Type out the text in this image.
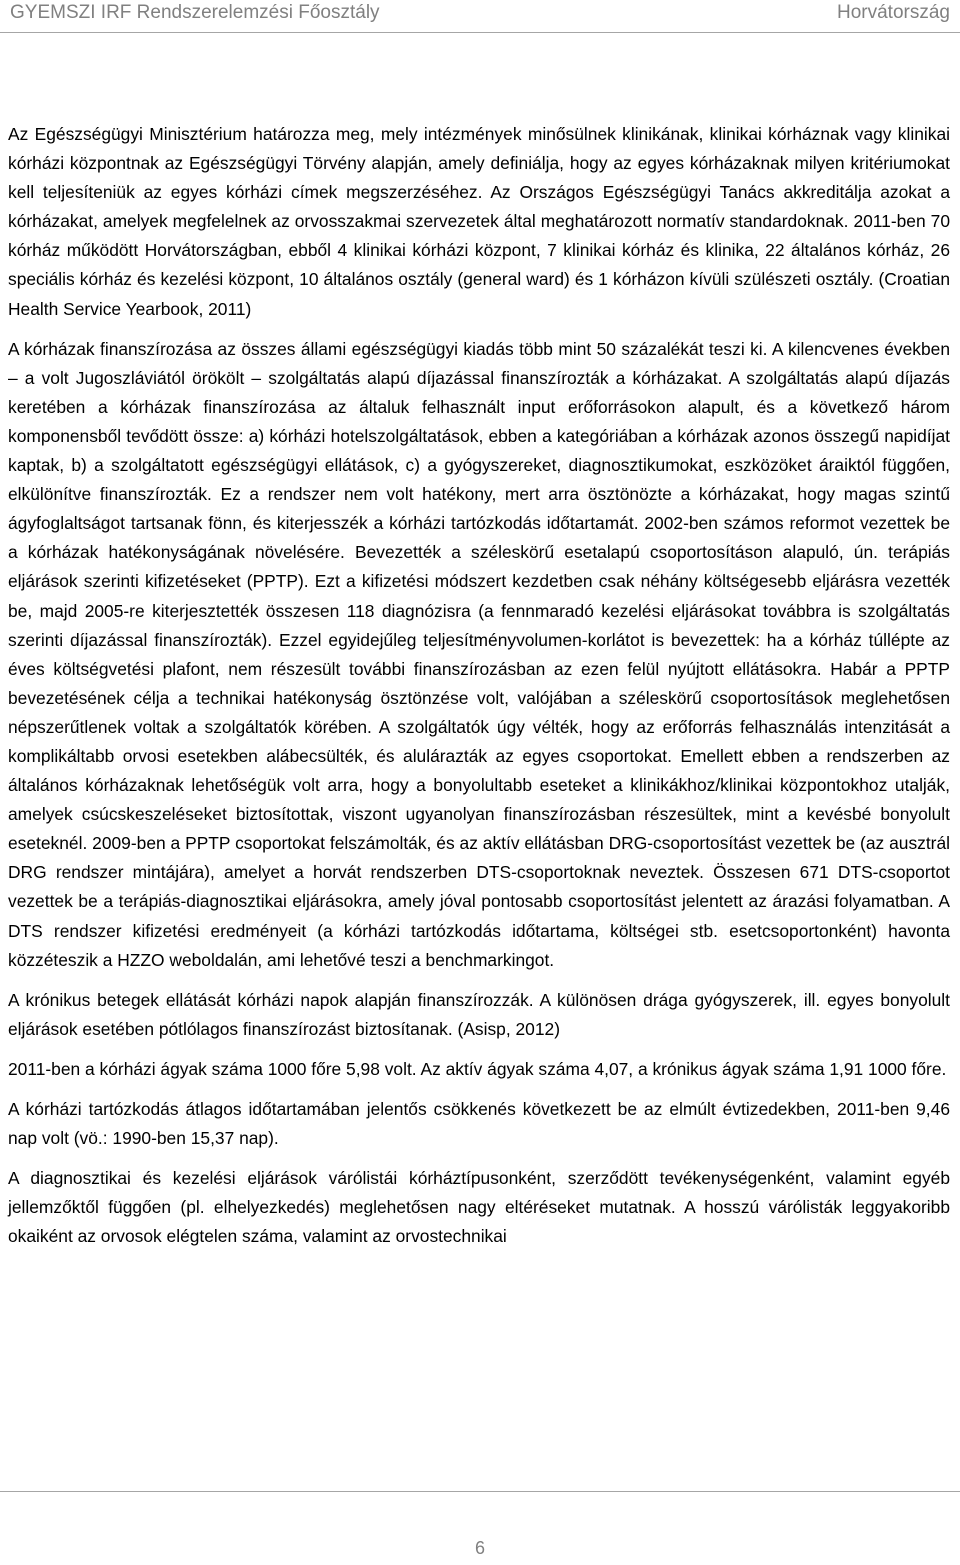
GYEMSZI IRF Rendszerelemzési Főosztály	Horvátország

Az Egészségügyi Minisztérium határozza meg, mely intézmények minősülnek klinikának, klinikai kórháznak vagy klinikai kórházi központnak az Egészségügyi Törvény alapján, amely definiálja, hogy az egyes kórházaknak milyen kritériumokat kell teljesíteniük az egyes kórházi címek megszerzéséhez. Az Országos Egészségügyi Tanács akkreditálja azokat a kórházakat, amelyek megfelelnek az orvosszakmai szervezetek által meghatározott normatív standardoknak. 2011-ben 70 kórház működött Horvátországban, ebből 4 klinikai kórházi központ, 7 klinikai kórház és klinika, 22 általános kórház, 26 speciális kórház és kezelési központ, 10 általános osztály (general ward) és 1 kórházon kívüli szülészeti osztály. (Croatian Health Service Yearbook, 2011)

A kórházak finanszírozása az összes állami egészségügyi kiadás több mint 50 százalékát teszi ki. A kilencvenes években – a volt Jugoszláviától örökölt – szolgáltatás alapú díjazással finanszírozták a kórházakat. A szolgáltatás alapú díjazás keretében a kórházak finanszírozása az általuk felhasznált input erőforrásokon alapult, és a következő három komponensből tevődött össze: a) kórházi hotelszolgáltatások, ebben a kategóriában a kórházak azonos összegű napidíjat kaptak, b) a szolgáltatott egészségügyi ellátások, c) a gyógyszereket, diagnosztikumokat, eszközöket áraiktól függően, elkülönítve finanszírozták. Ez a rendszer nem volt hatékony, mert arra ösztönözte a kórházakat, hogy magas szintű ágyfoglaltságot tartsanak fönn, és kiterjesszék a kórházi tartózkodás időtartamát. 2002-ben számos reformot vezettek be a kórházak hatékonyságának növelésére. Bevezették a széleskörű esetalapú csoportosításon alapuló, ún. terápiás eljárások szerinti kifizetéseket (PPTP). Ezt a kifizetési módszert kezdetben csak néhány költségesebb eljárásra vezették be, majd 2005-re kiterjesztették összesen 118 diagnózisra (a fennmaradó kezelési eljárásokat továbbra is szolgáltatás szerinti díjazással finanszírozták). Ezzel egyidejűleg teljesítményvolumen-korlátot is bevezettek: ha a kórház túllépte az éves költségvetési plafont, nem részesült további finanszírozásban az ezen felül nyújtott ellátásokra. Habár a PPTP bevezetésének célja a technikai hatékonyság ösztönzése volt, valójában a széleskörű csoportosítások meglehetősen népszerűtlenek voltak a szolgáltatók körében. A szolgáltatók úgy vélték, hogy az erőforrás felhasználás intenzitását a komplikáltabb orvosi esetekben alábecsülték, és alulárazták az egyes csoportokat. Emellett ebben a rendszerben az általános kórházaknak lehetőségük volt arra, hogy a bonyolultabb eseteket a klinikákhoz/klinikai központokhoz utalják, amelyek csúcskeszeléseket biztosítottak, viszont ugyanolyan finanszírozásban részesültek, mint a kevésbé bonyolult eseteknél. 2009-ben a PPTP csoportokat felszámolták, és az aktív ellátásban DRG-csoportosítást vezettek be (az ausztrál DRG rendszer mintájára), amelyet a horvát rendszerben DTS-csoportoknak neveztek. Összesen 671 DTS-csoportot vezettek be a terápiás-diagnosztikai eljárásokra, amely jóval pontosabb csoportosítást jelentett az árazási folyamatban. A DTS rendszer kifizetési eredményeit (a kórházi tartózkodás időtartama, költségei stb. esetcsoportonként) havonta közzéteszik a HZZO weboldalán, ami lehetővé teszi a benchmarkingot.

A krónikus betegek ellátását kórházi napok alapján finanszírozzák. A különösen drága gyógyszerek, ill. egyes bonyolult eljárások esetében pótlólagos finanszírozást biztosítanak. (Asisp, 2012)

2011-ben a kórházi ágyak száma 1000 főre 5,98 volt. Az aktív ágyak száma 4,07, a krónikus ágyak száma 1,91 1000 főre.

A kórházi tartózkodás átlagos időtartamában jelentős csökkenés következett be az elmúlt évtizedekben, 2011-ben 9,46 nap volt (vö.: 1990-ben 15,37 nap).

A diagnosztikai és kezelési eljárások várólistái kórháztípusonként, szerződött tevékenységenként, valamint egyéb jellemzőktől függően (pl. elhelyezkedés) meglehetősen nagy eltéréseket mutatnak. A hosszú várólisták leggyakoribb okaiként az orvosok elégtelen száma, valamint az orvostechnikai

6
